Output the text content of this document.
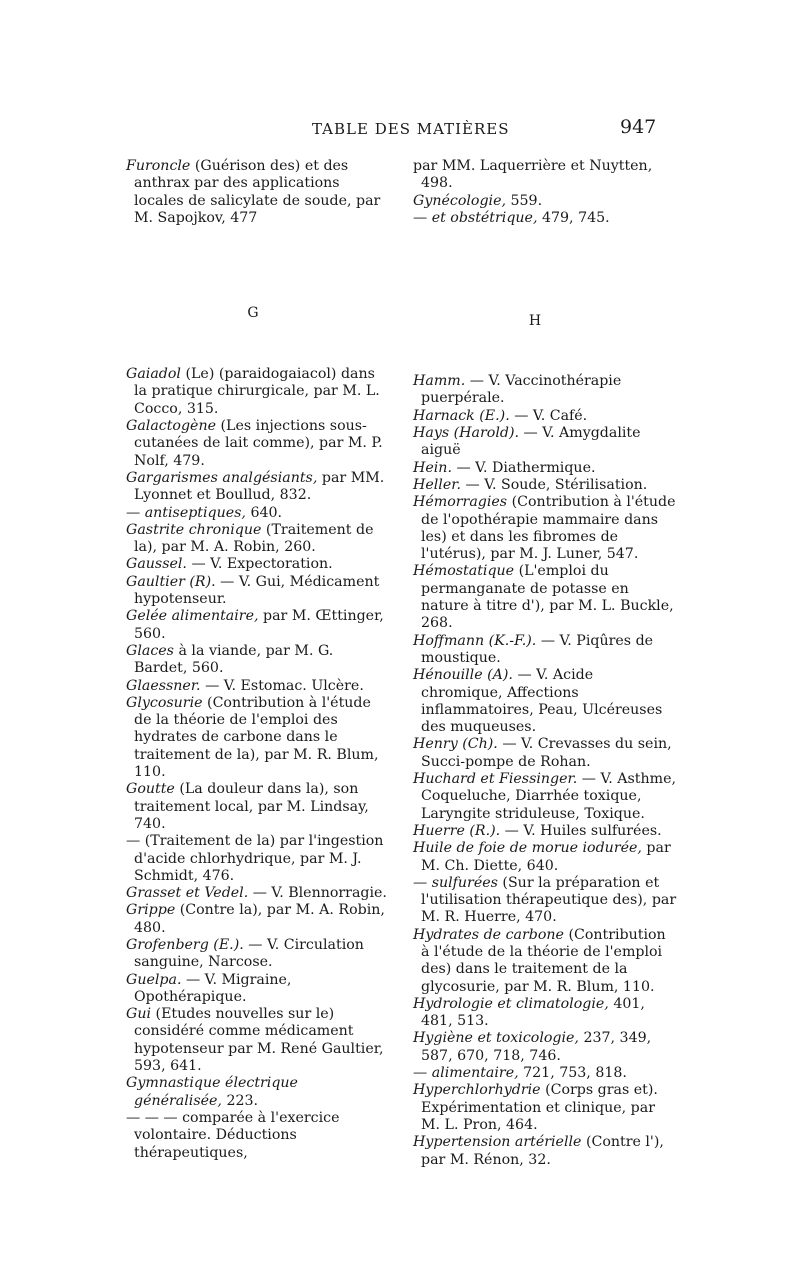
TABLE DES MATIÈRES	947

Furoncle (Guérison des) et des anthrax par des applications locales de salicylate de soude, par M. Sapojkov, 477

G

Gaiadol (Le) (paraidogaiacol) dans la pratique chirurgicale, par M. L. Cocco, 315.

Galactogène (Les injections sous-cutanées de lait comme), par M. P. Nolf, 479.

Gargarismes analgésiants, par MM. Lyonnet et Boullud, 832.

— antiseptiques, 640.

Gastrite chronique (Traitement de la), par M. A. Robin, 260.

Gaussel. — V. Expectoration.

Gaultier (R). — V. Gui, Médicament hypotenseur.

Gelée alimentaire, par M. Œttinger, 560.

Glaces à la viande, par M. G. Bardet, 560.

Glaessner. — V. Estomac. Ulcère.

Glycosurie (Contribution à l'étude de la théorie de l'emploi des hydrates de carbone dans le traitement de la), par M. R. Blum, 110.

Goutte (La douleur dans la), son traitement local, par M. Lindsay, 740.

— (Traitement de la) par l'ingestion d'acide chlorhydrique, par M. J. Schmidt, 476.

Grasset et Vedel. — V. Blennorragie.

Grippe (Contre la), par M. A. Robin, 480.

Grofenberg (E.). — V. Circulation sanguine, Narcose.

Guelpa. — V. Migraine, Opothérapique.

Gui (Etudes nouvelles sur le) considéré comme médicament hypotenseur par M. René Gaultier, 593, 641.

Gymnastique électrique généralisée, 223.

— — — comparée à l'exercice volontaire. Déductions thérapeutiques,

par MM. Laquerrière et Nuytten, 498.

Gynécologie, 559.

— et obstétrique, 479, 745.

H

Hamm. — V. Vaccinothérapie puerpérale.

Harnack (E.). — V. Café.

Hays (Harold). — V. Amygdalite aiguë

Hein. — V. Diathermique.

Heller. — V. Soude, Stérilisation.

Hémorragies (Contribution à l'étude de l'opothérapie mammaire dans les) et dans les fibromes de l'utérus), par M. J. Luner, 547.

Hémostatique (L'emploi du permanganate de potasse en nature à titre d'), par M. L. Buckle, 268.

Hoffmann (K.-F.). — V. Piqûres de moustique.

Hénouille (A). — V. Acide chromique, Affections inflammatoires, Peau, Ulcéreuses des muqueuses.

Henry (Ch). — V. Crevasses du sein, Succi-pompe de Rohan.

Huchard et Fiessinger. — V. Asthme, Coqueluche, Diarrhée toxique, Laryngite striduleuse, Toxique.

Huerre (R.). — V. Huiles sulfurées.

Huile de foie de morue iodurée, par M. Ch. Diette, 640.

— sulfurées (Sur la préparation et l'utilisation thérapeutique des), par M. R. Huerre, 470.

Hydrates de carbone (Contribution à l'étude de la théorie de l'emploi des) dans le traitement de la glycosurie, par M. R. Blum, 110.

Hydrologie et climatologie, 401, 481, 513.

Hygiène et toxicologie, 237, 349, 587, 670, 718, 746.

— alimentaire, 721, 753, 818.

Hyperchlorhydrie (Corps gras et). Expérimentation et clinique, par M. L. Pron, 464.

Hypertension artérielle (Contre l'), par M. Rénon, 32.
